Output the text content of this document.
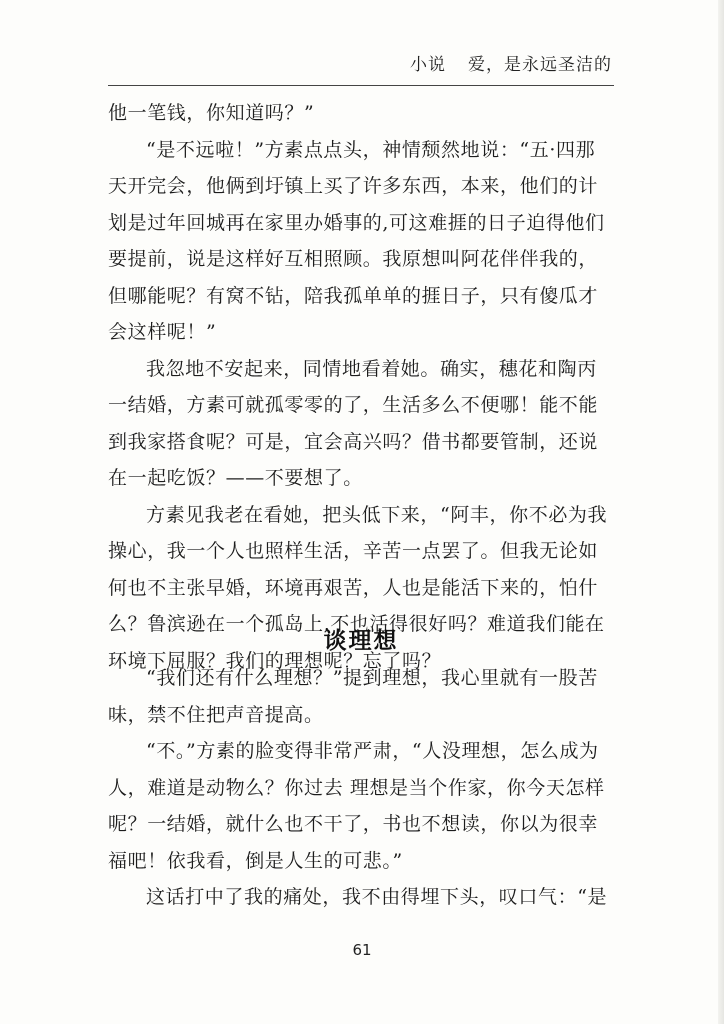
小说 爱，是永远圣洁的

他一笔钱，你知道吗？”

“是不远啦！”方素点点头，神情颓然地说：“五·四那天开完会，他俩到圩镇上买了许多东西，本来，他们的计划是过年回城再在家里办婚事的,可这难捱的日子迫得他们要提前，说是这样好互相照顾。我原想叫阿花伴伴我的，但哪能呢？有窝不钻，陪我孤单单的捱日子，只有傻瓜才会这样呢！”

我忽地不安起来，同情地看着她。确实，穗花和陶丙一结婚，方素可就孤零零的了，生活多么不便哪！能不能到我家搭食呢？可是，宜会高兴吗？借书都要管制，还说在一起吃饭？——不要想了。

方素见我老在看她，把头低下来，“阿丰，你不必为我操心，我一个人也照样生活，辛苦一点罢了。但我无论如何也不主张早婚，环境再艰苦，人也是能活下来的，怕什么？鲁滨逊在一个孤岛上,不也活得很好吗？难道我们能在环境下屈服？我们的理想呢？忘了吗？

谈理想

“我们还有什么理想？”提到理想，我心里就有一股苦味，禁不住把声音提高。

“不。”方素的脸变得非常严肃，“人没理想，怎么成为人，难道是动物么？你过去 理想是当个作家，你今天怎样呢？一结婚，就什么也不干了，书也不想读，你以为很幸福吧！依我看，倒是人生的可悲。”

这话打中了我的痛处，我不由得埋下头，叹口气：“是

61
